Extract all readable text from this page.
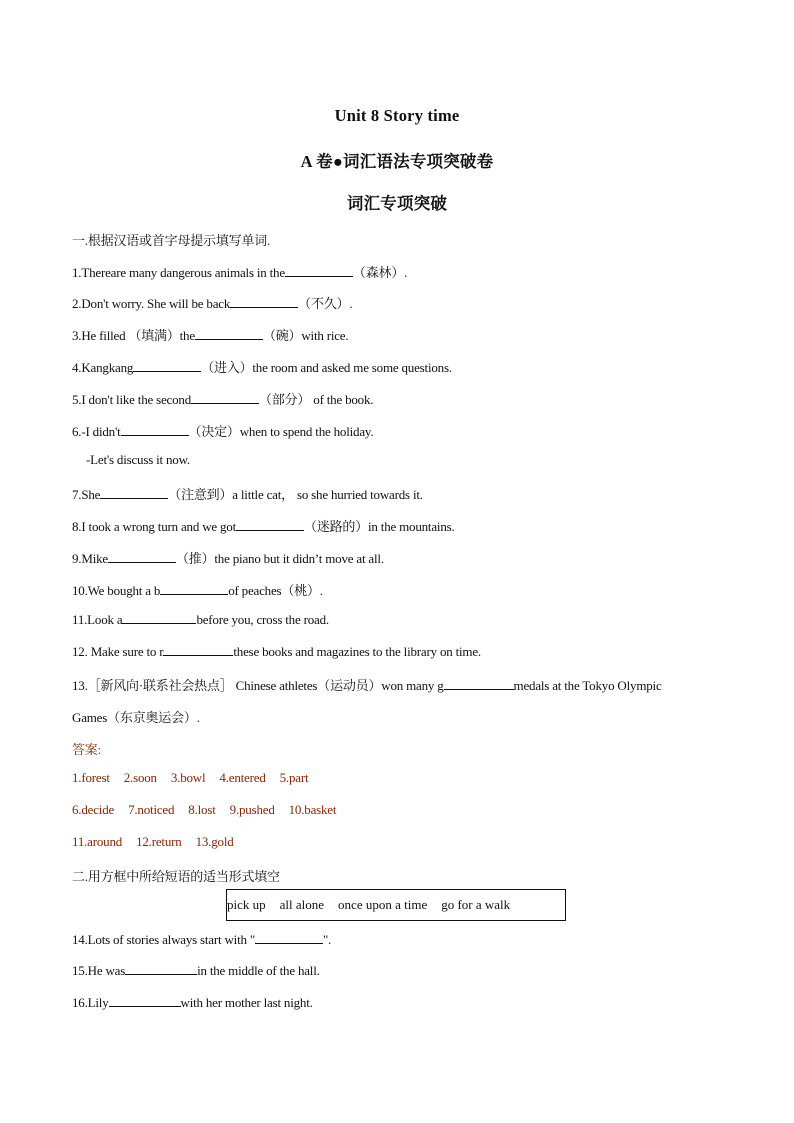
Unit 8 Story time
A 卷●词汇语法专项突破卷
词汇专项突破
一.根据汉语或首字母提示填写单词.
1.Thereare many dangerous animals in the	（森林）.
2.Don't worry. She will be back	（不久）.
3.He filled （填满）the	（碗）with rice.
4.Kangkang	（进入）the room and asked me some questions.
5.I don't like the second	（部分） of the book.
6.-I didn't	（决定）when to spend the holiday.
-Let's discuss it now.
7.She	（注意到）a little cat， so she hurried towards it.
8.I took a wrong turn and we got	（迷路的）in the mountains.
9.Mike	（推）the piano but it didn’t move at all.
10.We bought a b	of peaches（桃）.
11.Look a	before you, cross the road.
12. Make sure to r	these books and magazines to the library on time.
13.［新风向·联系社会热点］ Chinese athletes（运动员）won many g	medals at the Tokyo Olympic
Games（东京奥运会）.
答案:
1.forest 2.soon 3.bowl 4.entered 5.part
6.decide 7.noticed 8.lost 9.pushed 10.basket
11.around 12.return 13.gold
二.用方框中所给短语的适当形式填空
pick up all alone once upon a time go for a walk
14.Lots of stories always start with "	".
15.He was	in the middle of the hall.
16.Lily	with her mother last night.
